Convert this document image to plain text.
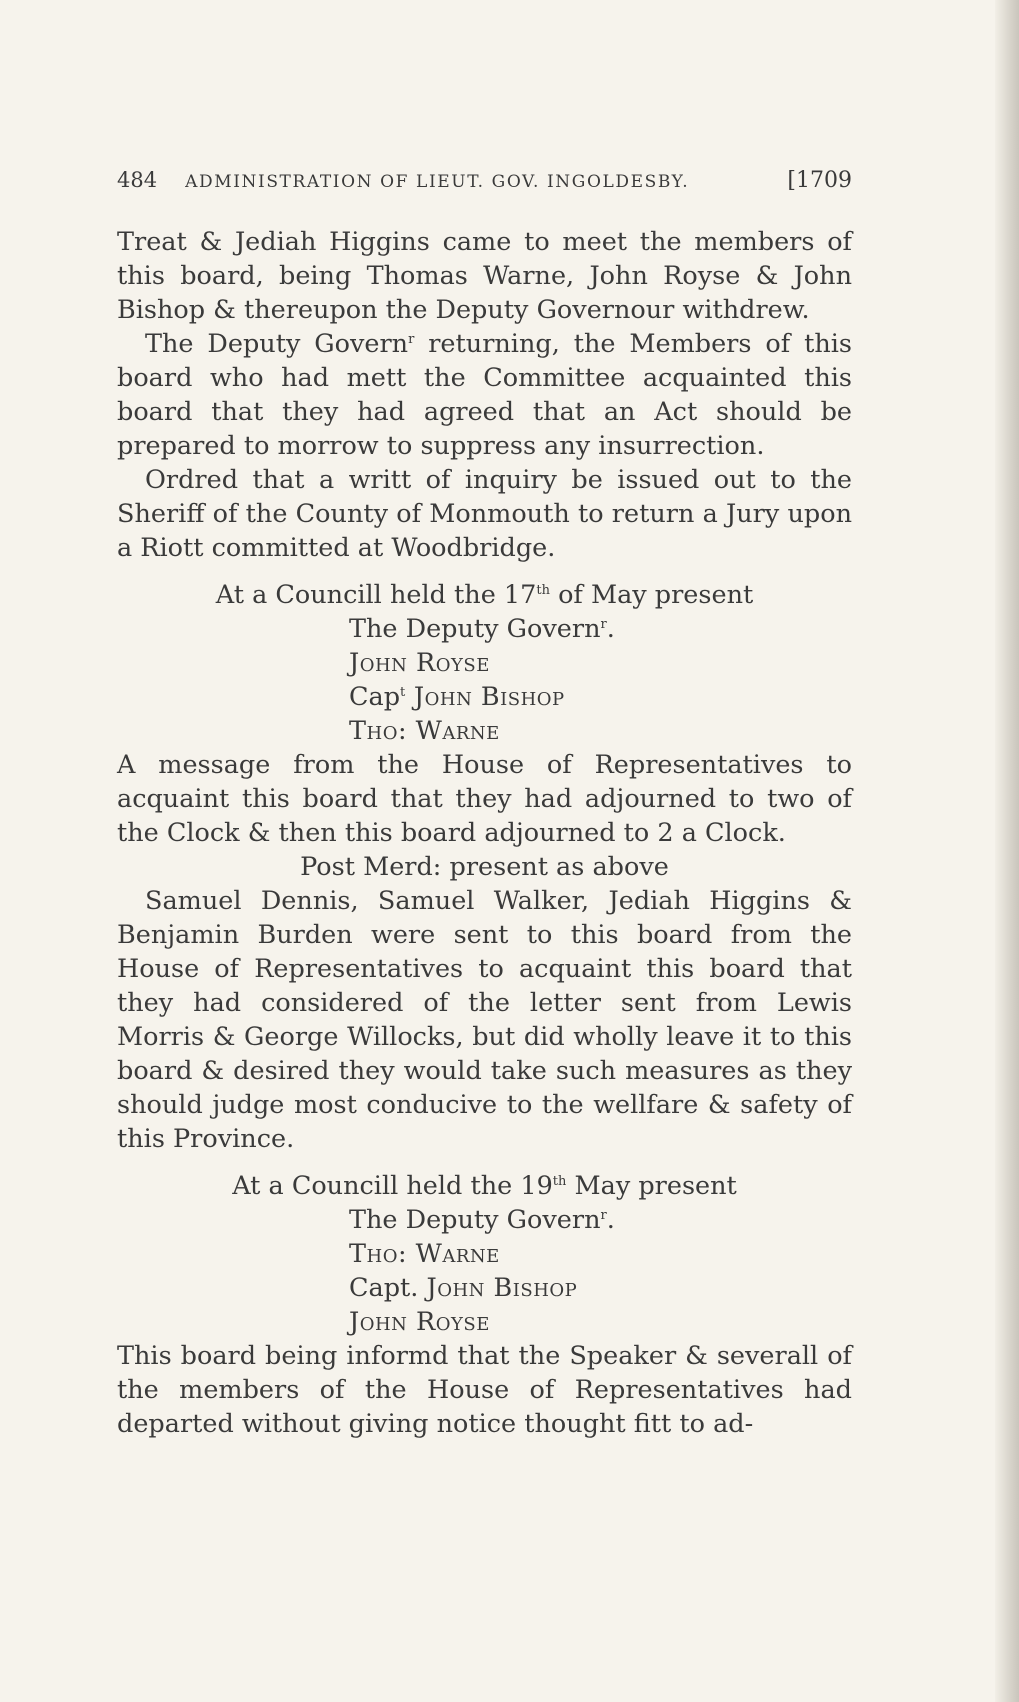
484 ADMINISTRATION OF LIEUT. GOV. INGOLDESBY.	[1709

Treat & Jediah Higgins came to meet the members of this board, being Thomas Warne, John Royse & John Bishop & thereupon the Deputy Governour withdrew.

The Deputy Govern$^r$ returning, the Members of this board who had mett the Committee acquainted this board that they had agreed that an Act should be prepared to morrow to suppress any insurrection.

Ordred that a writt of inquiry be issued out to the Sheriff of the County of Monmouth to return a Jury upon a Riott committed at Woodbridge.

At a Councill held the 17th of May present
The Deputy Govern$^r$.
John Royse
Cap$^t$ John Bishop
Tho: Warne

A message from the House of Representatives to acquaint this board that they had adjourned to two of the Clock & then this board adjourned to 2 a Clock.

Post Merd: present as above

Samuel Dennis, Samuel Walker, Jediah Higgins & Benjamin Burden were sent to this board from the House of Representatives to acquaint this board that they had considered of the letter sent from Lewis Morris & George Willocks, but did wholly leave it to this board & desired they would take such measures as they should judge most conducive to the wellfare & safety of this Province.

At a Councill held the 19th May present
The Deputy Govern$^r$.
Tho: Warne
Capt. John Bishop
John Royse

This board being informd that the Speaker & severall of the members of the House of Representatives had departed without giving notice thought fitt to ad-
